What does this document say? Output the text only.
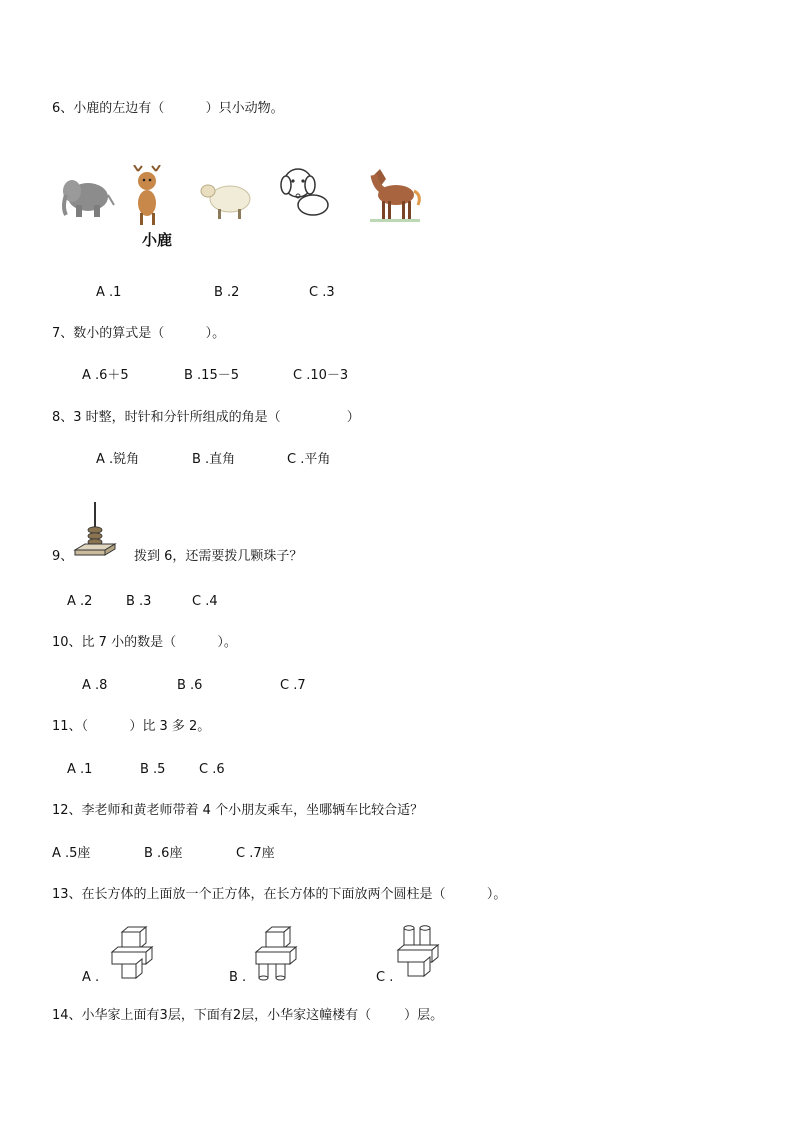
6、小鹿的左边有（          ）只小动物。
小鹿
A .1	B .2	C .3
7、数小的算式是（          ）。
A .6＋5	B .15－5	C .10－3
8、3 时整，时针和分针所组成的角是（                ）
A .锐角	B .直角	C .平角
9、	拨到 6，还需要拨几颗珠子？
A .2	B .3	C .4
10、比 7 小的数是（          ）。
A .8	B .6	C .7
11、（          ）比 3 多 2。
A .1	B .5	C .6
12、李老师和黄老师带着 4 个小朋友乘车，坐哪辆车比较合适？
A .5座	B .6座	C .7座
13、在长方体的上面放一个正方体，在长方体的下面放两个圆柱是（          ）。
A .	B .	C .
14、小华家上面有3层，下面有2层，小华家这幢楼有（        ）层。
